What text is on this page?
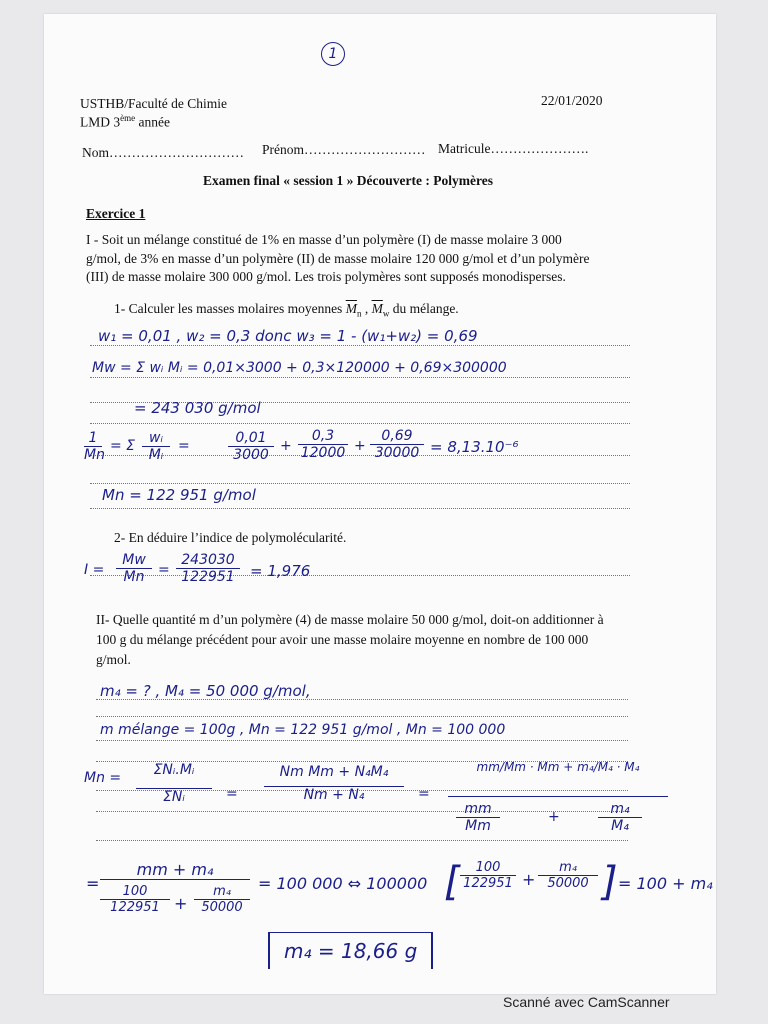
1
USTHB/Faculté de Chimie	22/01/2020
LMD 3ème année
Nom………………………… Prénom……………………… Matricule………………….
Examen final « session 1 » Découverte : Polymères
Exercice 1
I - Soit un mélange constitué de 1% en masse d’un polymère (I) de masse molaire 3 000
g/mol, de 3% en masse d’un polymère (II) de masse molaire 120 000 g/mol et d’un polymère
(III) de masse molaire 300 000 g/mol. Les trois polymères sont supposés monodisperses.
1- Calculer les masses molaires moyennes $\overline{M}_n$ , $\overline{M}_w$ du mélange.
w₁ = 0,01 , w₂ = 0,3 donc w₃ = 1 - (w₁+w₂) = 0,69
Mw = Σ wᵢ Mᵢ = 0,01×3000 + 0,3×120000 + 0,69×300000
= 243 030 g/mol
1
Mn
= Σ wᵢ
Mᵢ
=	0,01
3000
+
0,3
12000 +
0,69
30000 = 8,13.10⁻⁶
Mn = 122 951 g/mol
2- En déduire l’indice de polymolécularité.
I =
Mw
Mn =
243030
122951	= 1,976
II- Quelle quantité m d’un polymère (4) de masse molaire 50 000 g/mol, doit-on additionner à
100 g du mélange précédent pour avoir une masse molaire moyenne en nombre de 100 000
g/mol.
m₄ = ? , M₄ = 50 000 g/mol,
m mélange = 100g , Mn = 122 951 g/mol , Mn = 100 000
Mn =	ΣNᵢ.Mᵢ
ΣNᵢ	=
Nm Mm + N₄M₄
Nm + N₄	=
mm/Mm · Mm + m₄/M₄ · M₄
mm
Mm
+	m₄
M₄
=
mm + m₄
100
122951 +
m₄
50000
= 100 000 ⇔ 100000 [	100
122951 +
m₄
50000 ] = 100 + m₄
m₄ = 18,66 g
Scanné avec CamScanner
